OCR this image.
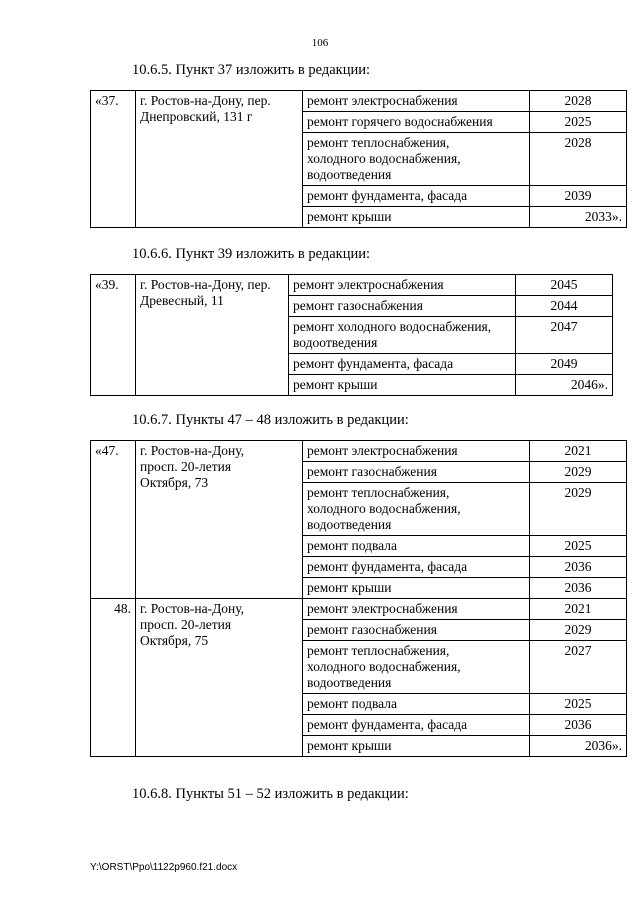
106
10.6.5. Пункт 37 изложить в редакции:
«37.	г. Ростов-на-Дону, пер. Днепровский, 131 г	ремонт электроснабжения	2028
		ремонт горячего водоснабжения	2025
		ремонт теплоснабжения, холодного водоснабжения, водоотведения	2028
		ремонт фундамента, фасада	2039
		ремонт крыши	2033».
10.6.6. Пункт 39 изложить в редакции:
«39.	г. Ростов-на-Дону, пер. Древесный, 11	ремонт электроснабжения	2045
		ремонт газоснабжения	2044
		ремонт холодного водоснабжения, водоотведения	2047
		ремонт фундамента, фасада	2049
		ремонт крыши	2046».
10.6.7. Пункты 47 – 48 изложить в редакции:
«47.	г. Ростов-на-Дону, просп. 20-летия Октября, 73	ремонт электроснабжения	2021
		ремонт газоснабжения	2029
		ремонт теплоснабжения, холодного водоснабжения, водоотведения	2029
		ремонт подвала	2025
		ремонт фундамента, фасада	2036
		ремонт крыши	2036
48.	г. Ростов-на-Дону, просп. 20-летия Октября, 75	ремонт электроснабжения	2021
		ремонт газоснабжения	2029
		ремонт теплоснабжения, холодного водоснабжения, водоотведения	2027
		ремонт подвала	2025
		ремонт фундамента, фасада	2036
		ремонт крыши	2036».
10.6.8. Пункты 51 – 52 изложить в редакции:
Y:\ORST\Ppo\1122p960.f21.docx
